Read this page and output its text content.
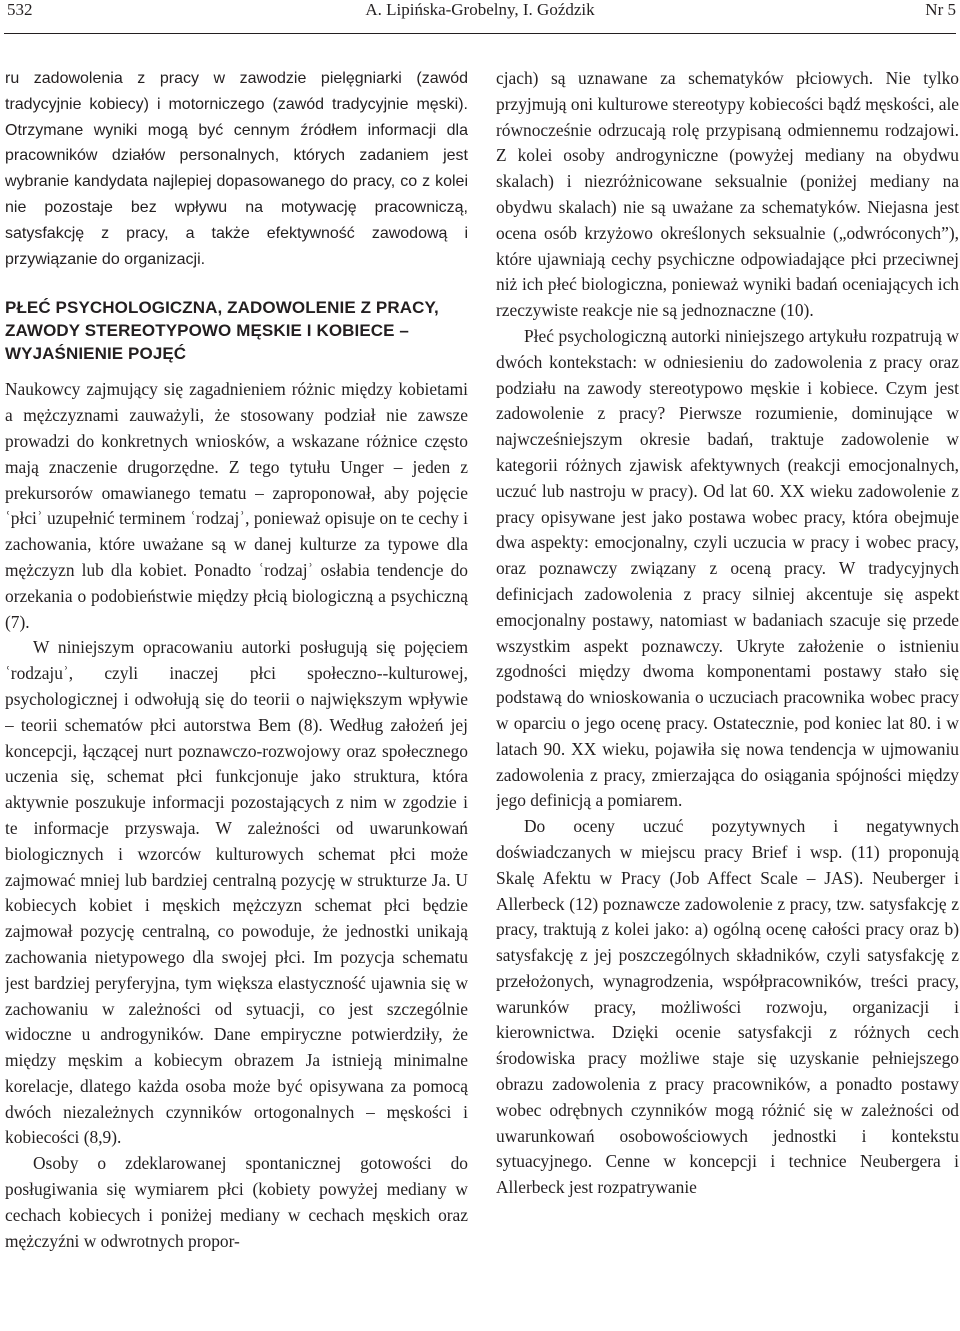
532	A. Lipińska-Grobelny, I. Goździk	Nr 5

ru zadowolenia z pracy w zawodzie pielęgniarki (zawód tradycyjnie kobiecy) i motorniczego (zawód tradycyjnie męski). Otrzymane wyniki mogą być cennym źródłem informacji dla pracowników działów personalnych, których zadaniem jest wybranie kandydata najlepiej dopasowanego do pracy, co z kolei nie pozostaje bez wpływu na motywację pracowniczą, satysfakcję z pracy, a także efektywność zawodową i przywiązanie do organizacji.

PŁEĆ PSYCHOLOGICZNA, ZADOWOLENIE Z PRACY, ZAWODY STEREOTYPOWO MĘSKIE I KOBIECE – WYJAŚNIENIE POJĘĆ

Naukowcy zajmujący się zagadnieniem różnic między kobietami a mężczyznami zauważyli, że stosowany podział nie zawsze prowadzi do konkretnych wniosków, a wskazane różnice często mają znaczenie drugorzędne. Z tego tytułu Unger – jeden z prekursorów omawianego tematu – zaproponował, aby pojęcie ʿpłciʾ uzupełnić terminem ʿrodzajʾ, ponieważ opisuje on te cechy i zachowania, które uważane są w danej kulturze za typowe dla mężczyzn lub dla kobiet. Ponadto ʿrodzajʾ osłabia tendencje do orzekania o podobieństwie między płcią biologiczną a psychiczną (7).

W niniejszym opracowaniu autorki posługują się pojęciem ʿrodzajuʾ, czyli inaczej płci społeczno--kulturowej, psychologicznej i odwołują się do teorii o największym wpływie – teorii schematów płci autorstwa Bem (8). Według założeń jej koncepcji, łączącej nurt poznawczo-rozwojowy oraz społecznego uczenia się, schemat płci funkcjonuje jako struktura, która aktywnie poszukuje informacji pozostających z nim w zgodzie i te informacje przyswaja. W zależności od uwarunkowań biologicznych i wzorców kulturowych schemat płci może zajmować mniej lub bardziej centralną pozycję w strukturze Ja. U kobiecych kobiet i męskich mężczyzn schemat płci będzie zajmował pozycję centralną, co powoduje, że jednostki unikają zachowania nietypowego dla swojej płci. Im pozycja schematu jest bardziej peryferyjna, tym większa elastyczność ujawnia się w zachowaniu w zależności od sytuacji, co jest szczególnie widoczne u androgyników. Dane empiryczne potwierdziły, że między męskim a kobiecym obrazem Ja istnieją minimalne korelacje, dlatego każda osoba może być opisywana za pomocą dwóch niezależnych czynników ortogonalnych – męskości i kobiecości (8,9).

Osoby o zdeklarowanej spontanicznej gotowości do posługiwania się wymiarem płci (kobiety powyżej mediany w cechach kobiecych i poniżej mediany w cechach męskich oraz mężczyźni w odwrotnych propor-

cjach) są uznawane za schematyków płciowych. Nie tylko przyjmują oni kulturowe stereotypy kobiecości bądź męskości, ale równocześnie odrzucają rolę przypisaną odmiennemu rodzajowi. Z kolei osoby androgyniczne (powyżej mediany na obydwu skalach) i niezróżnicowane seksualnie (poniżej mediany na obydwu skalach) nie są uważane za schematyków. Niejasna jest ocena osób krzyżowo określonych seksualnie („odwróconych”), które ujawniają cechy psychiczne odpowiadające płci przeciwnej niż ich płeć biologiczna, ponieważ wyniki badań oceniających ich rzeczywiste reakcje nie są jednoznaczne (10).

Płeć psychologiczną autorki niniejszego artykułu rozpatrują w dwóch kontekstach: w odniesieniu do zadowolenia z pracy oraz podziału na zawody stereotypowo męskie i kobiece. Czym jest zadowolenie z pracy? Pierwsze rozumienie, dominujące w najwcześniejszym okresie badań, traktuje zadowolenie w kategorii różnych zjawisk afektywnych (reakcji emocjonalnych, uczuć lub nastroju w pracy). Od lat 60. XX wieku zadowolenie z pracy opisywane jest jako postawa wobec pracy, która obejmuje dwa aspekty: emocjonalny, czyli uczucia w pracy i wobec pracy, oraz poznawczy związany z oceną pracy. W tradycyjnych definicjach zadowolenia z pracy silniej akcentuje się aspekt emocjonalny postawy, natomiast w badaniach szacuje się przede wszystkim aspekt poznawczy. Ukryte założenie o istnieniu zgodności między dwoma komponentami postawy stało się podstawą do wnioskowania o uczuciach pracownika wobec pracy w oparciu o jego ocenę pracy. Ostatecznie, pod koniec lat 80. i w latach 90. XX wieku, pojawiła się nowa tendencja w ujmowaniu zadowolenia z pracy, zmierzająca do osiągania spójności między jego definicją a pomiarem.

Do oceny uczuć pozytywnych i negatywnych doświadczanych w miejscu pracy Brief i wsp. (11) proponują Skalę Afektu w Pracy (Job Affect Scale – JAS). Neuberger i Allerbeck (12) poznawcze zadowolenie z pracy, tzw. satysfakcję z pracy, traktują z kolei jako: a) ogólną ocenę całości pracy oraz b) satysfakcję z jej poszczególnych składników, czyli satysfakcję z przełożonych, wynagrodzenia, współpracowników, treści pracy, warunków pracy, możliwości rozwoju, organizacji i kierownictwa. Dzięki ocenie satysfakcji z różnych cech środowiska pracy możliwe staje się uzyskanie pełniejszego obrazu zadowolenia z pracy pracowników, a ponadto postawy wobec odrębnych czynników mogą różnić się w zależności od uwarunkowań osobowościowych jednostki i kontekstu sytuacyjnego. Cenne w koncepcji i technice Neubergera i Allerbeck jest rozpatrywanie
